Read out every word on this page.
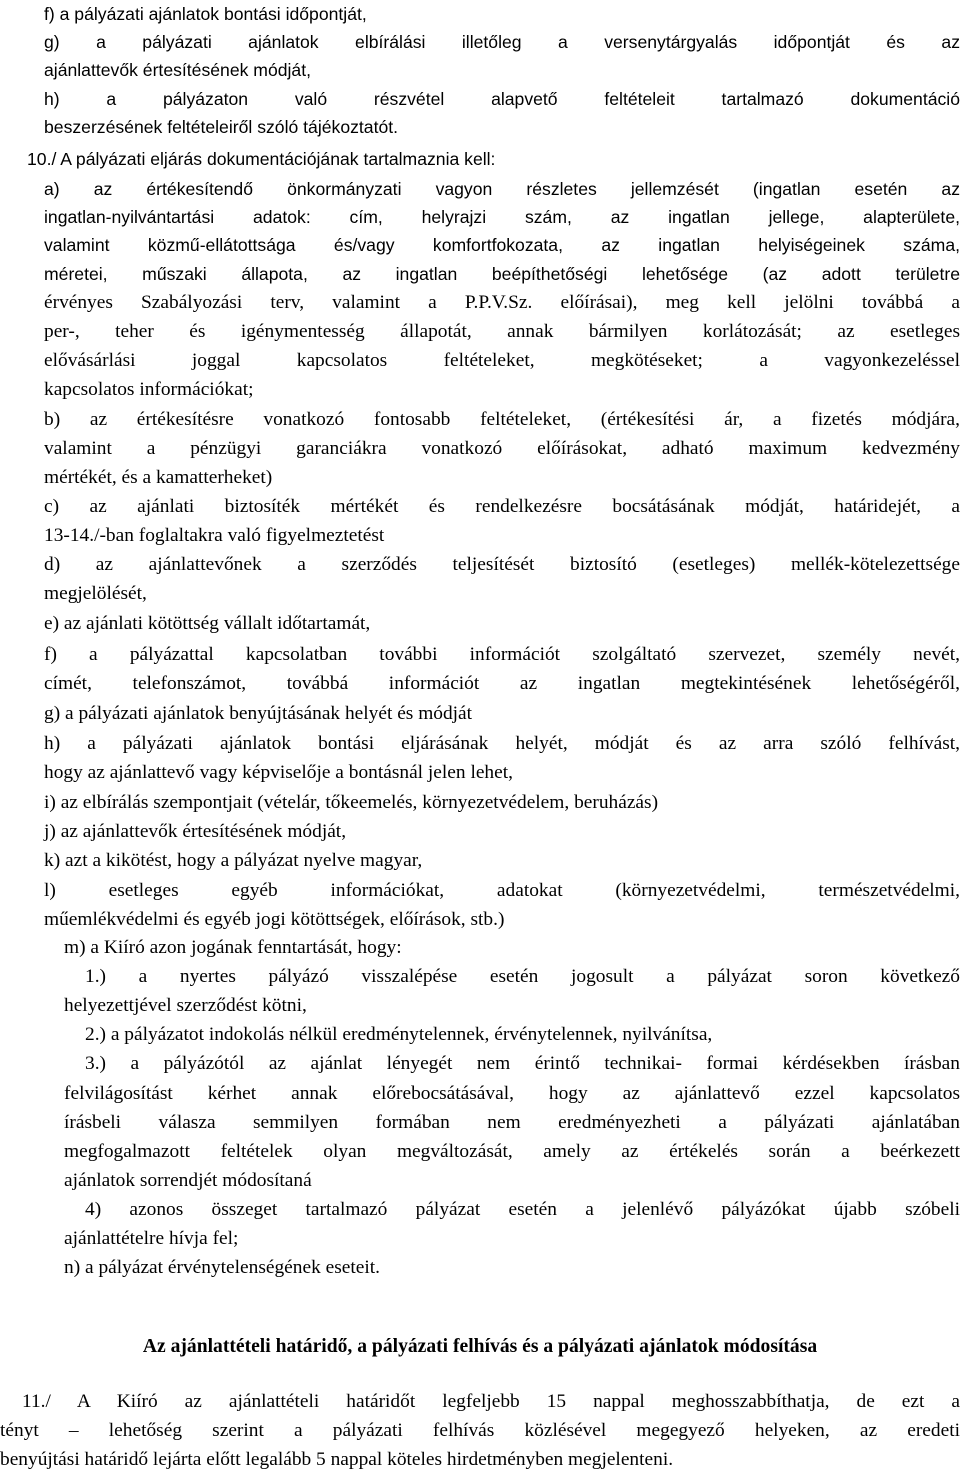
Az ajánlattételi határidő, a pályázati felhívás és a pályázati ajánlatok módosítása
f) a pályázati ajánlatok bontási időpontját,
g) a pályázati ajánlatok elbírálási illetőleg a versenytárgyalás időpontját és az
ajánlattevők értesítésének módját,
h) a pályázaton való részvétel alapvető feltételeit tartalmazó dokumentáció
beszerzésének feltételeiről szóló tájékoztatót.
10./ A pályázati eljárás dokumentációjának tartalmaznia kell:
a) az értékesítendő önkormányzati vagyon részletes jellemzését (ingatlan esetén az
ingatlan-nyilvántartási adatok: cím, helyrajzi szám, az ingatlan jellege, alapterülete,
valamint közmű-ellátottsága és/vagy komfortfokozata, az ingatlan helyiségeinek száma,
méretei, műszaki állapota, az ingatlan beépíthetőségi lehetősége (az adott területre
érvényes Szabályozási terv, valamint a P.P.V.Sz. előírásai), meg kell jelölni továbbá a
per-, teher és igénymentesség állapotát, annak bármilyen korlátozását; az esetleges
elővásárlási joggal kapcsolatos feltételeket, megkötéseket; a vagyonkezeléssel
kapcsolatos információkat;
b) az értékesítésre vonatkozó fontosabb feltételeket, (értékesítési ár, a fizetés módjára,
valamint a pénzügyi garanciákra vonatkozó előírásokat, adható maximum kedvezmény
mértékét, és a kamatterheket)
c) az ajánlati biztosíték mértékét és rendelkezésre bocsátásának módját, határidejét, a
13-14./-ban foglaltakra való figyelmeztetést
d) az ajánlattevőnek a szerződés teljesítését biztosító (esetleges) mellék-kötelezettsége
megjelölését,
e) az ajánlati kötöttség vállalt időtartamát,
f) a pályázattal kapcsolatban további információt szolgáltató szervezet, személy nevét,
címét, telefonszámot, továbbá információt az ingatlan megtekintésének lehetőségéről,
g) a pályázati ajánlatok benyújtásának helyét és módját
h) a pályázati ajánlatok bontási eljárásának helyét, módját és az arra szóló felhívást,
hogy az ajánlattevő vagy képviselője a bontásnál jelen lehet,
i) az elbírálás szempontjait (vételár, tőkeemelés, környezetvédelem, beruházás)
j) az ajánlattevők értesítésének módját,
k) azt a kikötést, hogy a pályázat nyelve magyar,
l) esetleges egyéb információkat, adatokat (környezetvédelmi, természetvédelmi,
műemlékvédelmi és egyéb jogi kötöttségek, előírások, stb.)
m) a Kiíró azon jogának fenntartását, hogy:
1.) a nyertes pályázó visszalépése esetén jogosult a pályázat soron következő
helyezettjével szerződést kötni,
2.) a pályázatot indokolás nélkül eredménytelennek, érvénytelennek, nyilvánítsa,
3.) a pályázótól az ajánlat lényegét nem érintő technikai- formai kérdésekben írásban
felvilágosítást kérhet annak előrebocsátásával, hogy az ajánlattevő ezzel kapcsolatos
írásbeli válasza semmilyen formában nem eredményezheti a pályázati ajánlatában
megfogalmazott feltételek olyan megváltozását, amely az értékelés során a beérkezett
ajánlatok sorrendjét módosítaná
4) azonos összeget tartalmazó pályázat esetén a jelenlévő pályázókat újabb szóbeli
ajánlattételre hívja fel;
n) a pályázat érvénytelenségének eseteit.
11./ A Kiíró az ajánlattételi határidőt legfeljebb 15 nappal meghosszabbíthatja, de ezt a
tényt – lehetőség szerint a pályázati felhívás közlésével megegyező helyeken, az eredeti
benyújtási határidő lejárta előtt legalább 5 nappal köteles hirdetményben megjelenteni.
